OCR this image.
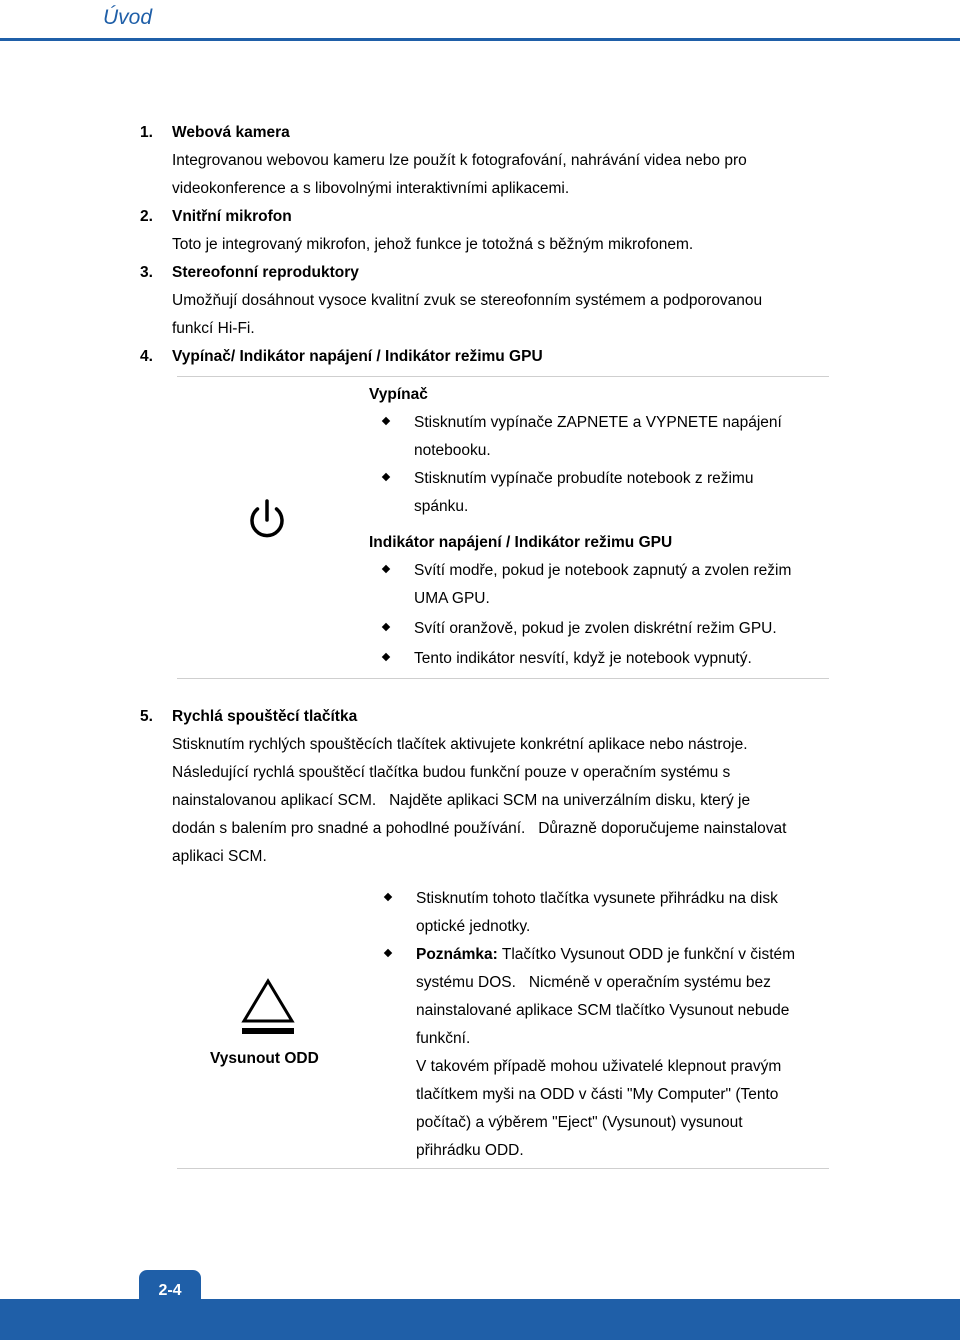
Úvod
1. Webová kamera
Integrovanou webovou kameru lze použít k fotografování, nahrávání videa nebo pro
videokonference a s libovolnými interaktivními aplikacemi.
2. Vnitřní mikrofon
Toto je integrovaný mikrofon, jehož funkce je totožná s běžným mikrofonem.
3. Stereofonní reproduktory
Umožňují dosáhnout vysoce kvalitní zvuk se stereofonním systémem a podporovanou
funkcí Hi-Fi.
4. Vypínač/ Indikátor napájení / Indikátor režimu GPU
Vypínač
Stisknutím vypínače ZAPNETE a VYPNETE napájení
notebooku.
Stisknutím vypínače probudíte notebook z režimu
spánku.
Indikátor napájení / Indikátor režimu GPU
Svítí modře, pokud je notebook zapnutý a zvolen režim
UMA GPU.
Svítí oranžově, pokud je zvolen diskrétní režim GPU.
Tento indikátor nesvítí, když je notebook vypnutý.
5. Rychlá spouštěcí tlačítka
Stisknutím rychlých spouštěcích tlačítek aktivujete konkrétní aplikace nebo nástroje.
Následující rychlá spouštěcí tlačítka budou funkční pouze v operačním systému s
nainstalovanou aplikací SCM.   Najděte aplikaci SCM na univerzálním disku, který je
dodán s balením pro snadné a pohodlné používání.   Důrazně doporučujeme nainstalovat
aplikaci SCM.
Vysunout ODD
Stisknutím tohoto tlačítka vysunete přihrádku na disk
optické jednotky.
Poznámka: Tlačítko Vysunout ODD je funkční v čistém
systému DOS.   Nicméně v operačním systému bez
nainstalované aplikace SCM tlačítko Vysunout nebude
funkční.
V takovém případě mohou uživatelé klepnout pravým
tlačítkem myši na ODD v části "My Computer" (Tento
počítač) a výběrem "Eject" (Vysunout) vysunout
přihrádku ODD.
2-4
